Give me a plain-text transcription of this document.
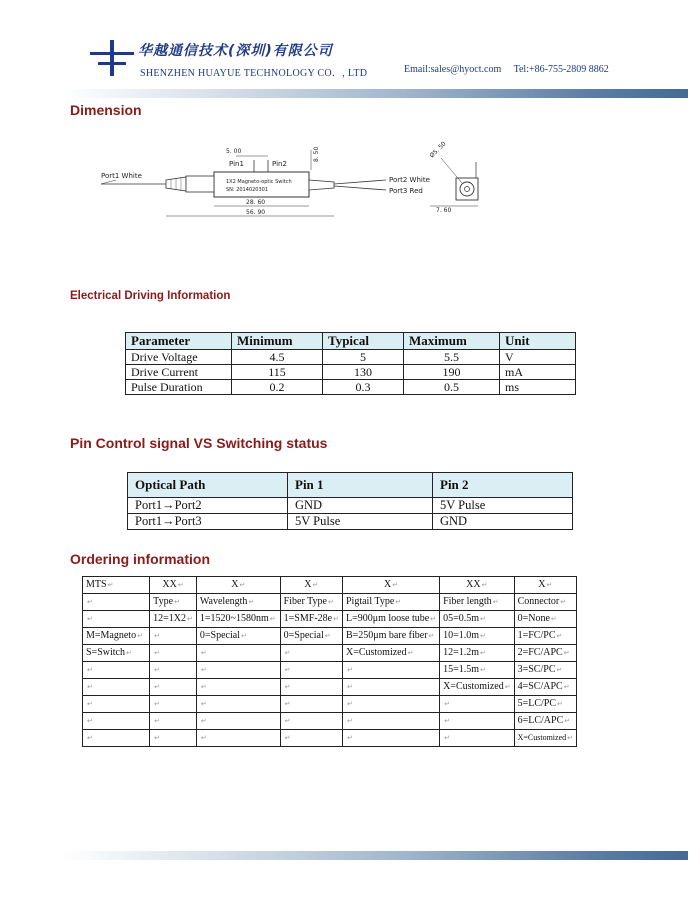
华越通信技术(深圳)有限公司
SHENZHEN HUAYUE TECHNOLOGY CO．, LTD	Email:sales@hyoct.com Tel:+86-755-2809 8862
Dimension
Port1 White
1X2 Magneto-optic Switch
SN: 2014020301
Pin1	Pin2
5. 00
Port2 White
Port3 Red
8. 50
28. 60
56. 90
Ø5. 50
7. 60
Electrical Driving Information
Parameter	Minimum	Typical	Maximum	Unit
Drive Voltage	4.5	5	5.5	V
Drive Current	115	130	190	mA
Pulse Duration	0.2	0.3	0.5	ms
Pin Control signal VS Switching status
Optical Path	Pin 1	Pin 2
Port1→Port2	GND	5V Pulse
Port1→Port3	5V Pulse	GND
Ordering information
MTS↵	XX↵	X↵	X↵	X↵	XX↵	X↵
↵	Type↵	Wavelength↵	Fiber Type↵	Pigtail Type↵	Fiber length↵	Connector↵
↵	12=1X2↵	1=1520~1580nm↵	1=SMF-28e↵	L=900μm loose tube↵	05=0.5m↵	0=None↵
M=Magneto↵	↵	0=Special↵	0=Special↵	B=250μm bare fiber↵	10=1.0m↵	1=FC/PC↵
S=Switch↵	↵	↵	↵	X=Customized↵	12=1.2m↵	2=FC/APC↵
↵	↵	↵	↵	↵	15=1.5m↵	3=SC/PC↵
↵	↵	↵	↵	↵	X=Customized↵	4=SC/APC↵
↵	↵	↵	↵	↵	↵	5=LC/PC↵
↵	↵	↵	↵	↵	↵	6=LC/APC↵
↵	↵	↵	↵	↵	↵	X=Customized↵
